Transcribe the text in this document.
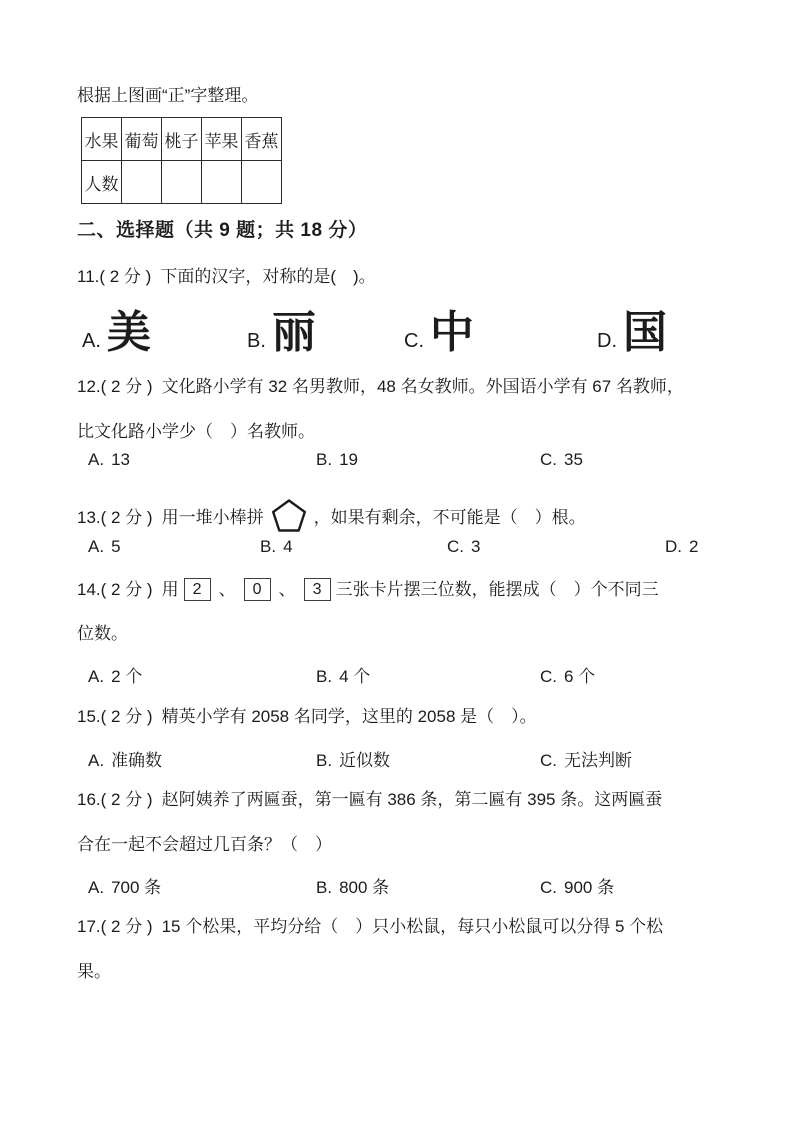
根据上图画“正”字整理。
水果	葡萄	桃子	苹果	香蕉
人数				
二、选择题（共 9 题；共 18 分）
11.( 2 分 ) 下面的汉字，对称的是(　)。
A. 美	B. 丽	C. 中	D. 国
12.( 2 分 ) 文化路小学有 32 名男教师，48 名女教师。外国语小学有 67 名教师，
比文化路小学少（　）名教师。
A. 13	B. 19	C. 35
13.( 2 分 ) 用一堆小棒拼	，如果有剩余，不可能是（　）根。
A. 5	B. 4	C. 3	D. 2
14.( 2 分 ) 用 2 、 0 、 3 三张卡片摆三位数，能摆成（　）个不同三
位数。
A. 2 个	B. 4 个	C. 6 个
15.( 2 分 ) 精英小学有 2058 名同学，这里的 2058 是（　）。
A. 准确数	B. 近似数	C. 无法判断
16.( 2 分 ) 赵阿姨养了两匾蚕，第一匾有 386 条，第二匾有 395 条。这两匾蚕
合在一起不会超过几百条？（　）
A. 700 条	B. 800 条	C. 900 条
17.( 2 分 ) 15 个松果，平均分给（　）只小松鼠，每只小松鼠可以分得 5 个松
果。
